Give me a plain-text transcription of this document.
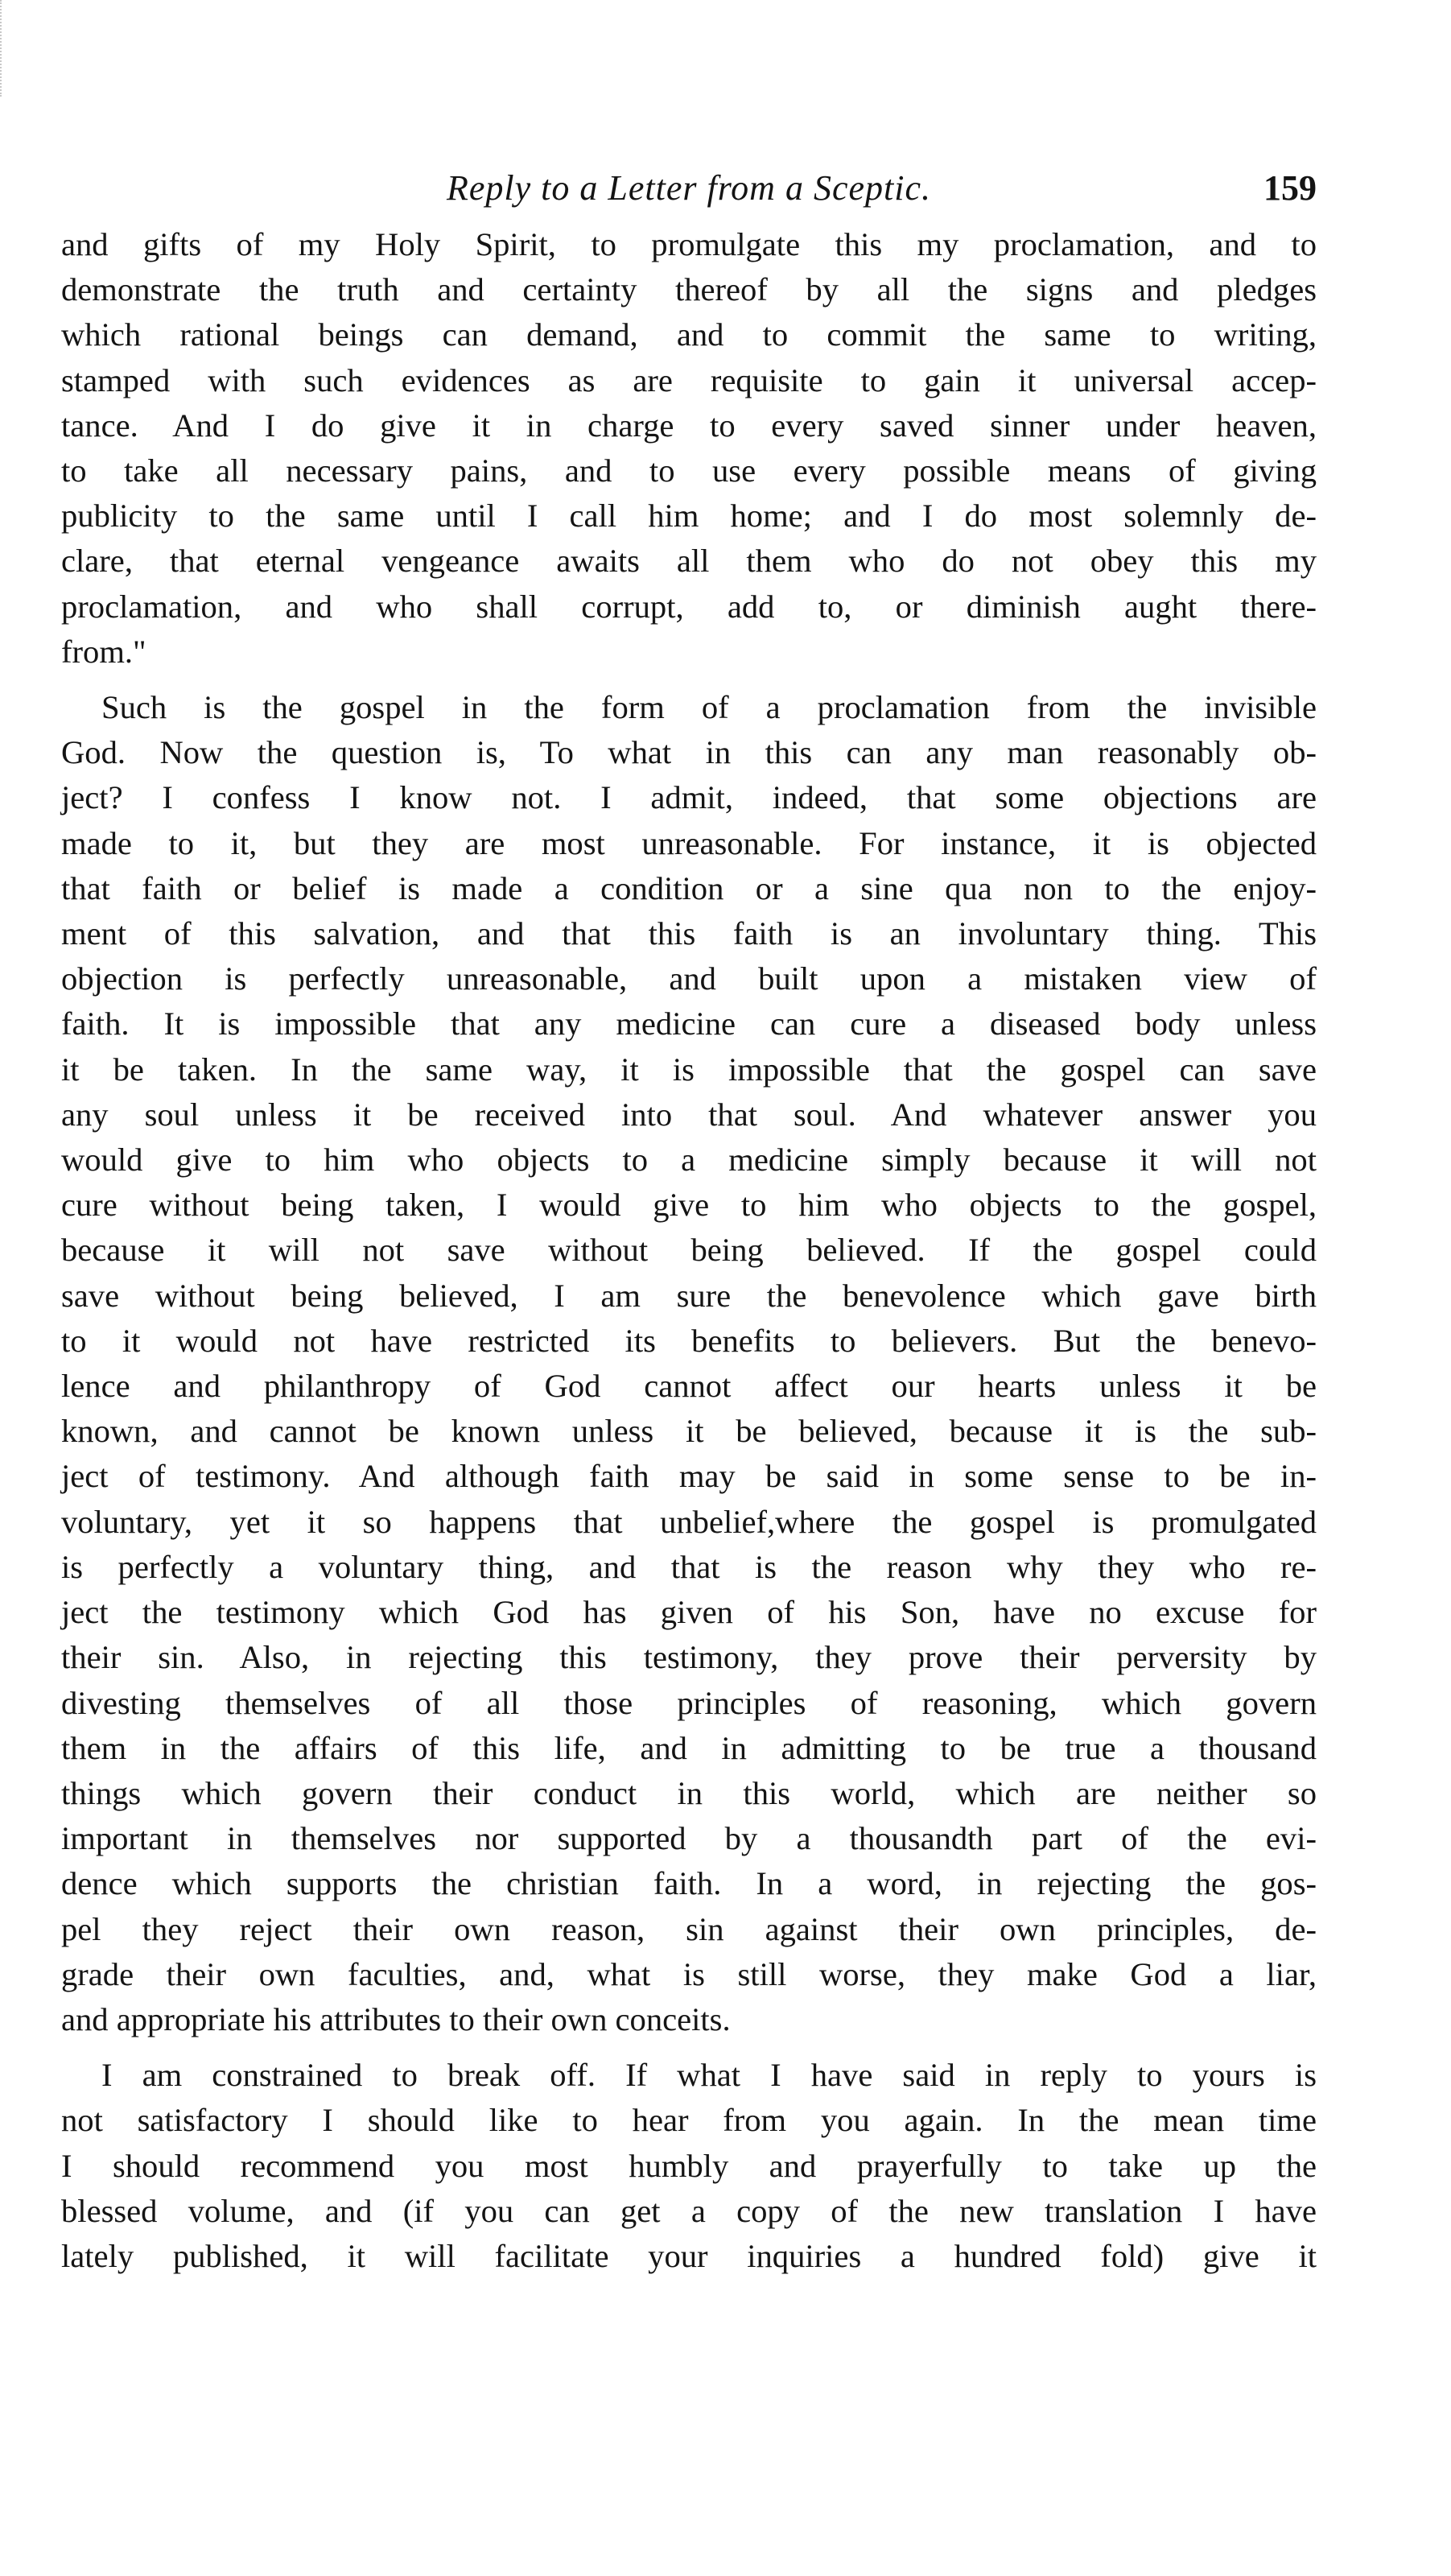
Reply to a Letter from a Sceptic.	159
and gifts of my Holy Spirit, to promulgate this my proclamation, and to
demonstrate the truth and certainty thereof by all the signs and pledges
which rational beings can demand, and to commit the same to writing,
stamped with such evidences as are requisite to gain it universal accep-
tance. And I do give it in charge to every saved sinner under heaven,
to take all necessary pains, and to use every possible means of giving
publicity to the same until I call him home; and I do most solemnly de-
clare, that eternal vengeance awaits all them who do not obey this my
proclamation, and who shall corrupt, add to, or diminish aught there-
from."
Such is the gospel in the form of a proclamation from the invisible
God. Now the question is, To what in this can any man reasonably ob-
ject? I confess I know not. I admit, indeed, that some objections are
made to it, but they are most unreasonable. For instance, it is objected
that faith or belief is made a condition or a sine qua non to the enjoy-
ment of this salvation, and that this faith is an involuntary thing. This
objection is perfectly unreasonable, and built upon a mistaken view of
faith. It is impossible that any medicine can cure a diseased body unless
it be taken. In the same way, it is impossible that the gospel can save
any soul unless it be received into that soul. And whatever answer you
would give to him who objects to a medicine simply because it will not
cure without being taken, I would give to him who objects to the gospel,
because it will not save without being believed. If the gospel could
save without being believed, I am sure the benevolence which gave birth
to it would not have restricted its benefits to believers. But the benevo-
lence and philanthropy of God cannot affect our hearts unless it be
known, and cannot be known unless it be believed, because it is the sub-
ject of testimony. And although faith may be said in some sense to be in-
voluntary, yet it so happens that unbelief,where the gospel is promulgated
is perfectly a voluntary thing, and that is the reason why they who re-
ject the testimony which God has given of his Son, have no excuse for
their sin. Also, in rejecting this testimony, they prove their perversity by
divesting themselves of all those principles of reasoning, which govern
them in the affairs of this life, and in admitting to be true a thousand
things which govern their conduct in this world, which are neither so
important in themselves nor supported by a thousandth part of the evi-
dence which supports the christian faith. In a word, in rejecting the gos-
pel they reject their own reason, sin against their own principles, de-
grade their own faculties, and, what is still worse, they make God a liar,
and appropriate his attributes to their own conceits.
I am constrained to break off. If what I have said in reply to yours is
not satisfactory I should like to hear from you again. In the mean time
I should recommend you most humbly and prayerfully to take up the
blessed volume, and (if you can get a copy of the new translation I have
lately published, it will facilitate your inquiries a hundred fold) give it
